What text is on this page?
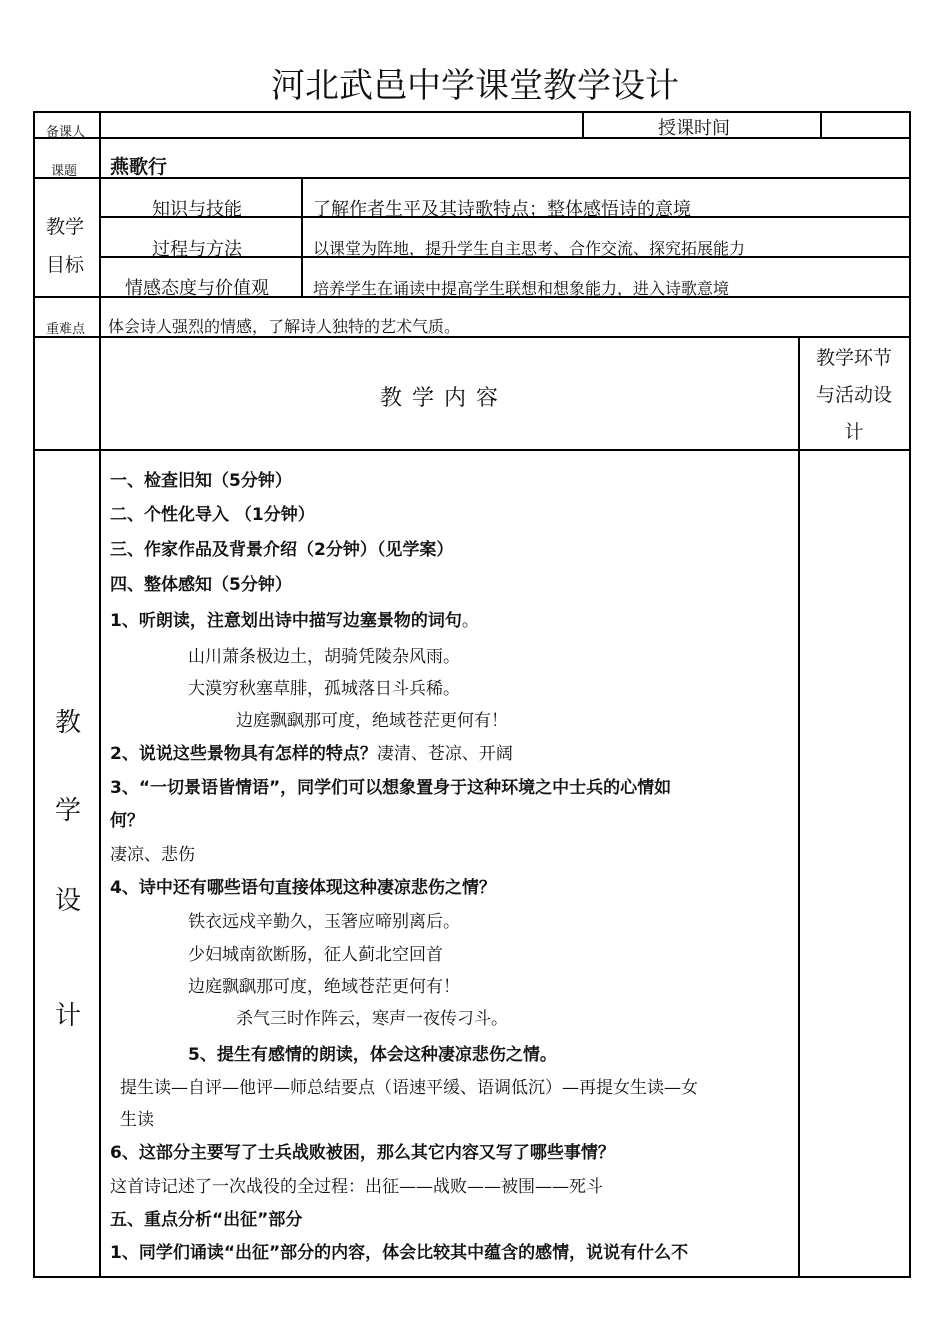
河北武邑中学课堂教学设计
备课人	授课时间
课题 燕歌行
教学
目标
知识与技能	了解作者生平及其诗歌特点；整体感悟诗的意境
过程与方法	以课堂为阵地，提升学生自主思考、合作交流、探究拓展能力
情感态度与价值观	培养学生在诵读中提高学生联想和想象能力，进入诗歌意境
重难点 体会诗人强烈的情感，了解诗人独特的艺术气质。
教学内容
教学环节
与活动设
计
教
学
设
计
一、检查旧知（5分钟）
二、个性化导入 （1分钟）
三、作家作品及背景介绍（2分钟）（见学案）
四、整体感知（5分钟）
1、听朗读，注意划出诗中描写边塞景物的词句。
山川萧条极边土，胡骑凭陵杂风雨。
大漠穷秋塞草腓，孤城落日斗兵稀。
边庭飘飖那可度，绝域苍茫更何有！
2、说说这些景物具有怎样的特点？凄清、苍凉、开阔
3、“一切景语皆情语”，同学们可以想象置身于这种环境之中士兵的心情如
何？
凄凉、悲伤
4、诗中还有哪些语句直接体现这种凄凉悲伤之情？
铁衣远戍辛勤久，玉箸应啼别离后。
少妇城南欲断肠，征人蓟北空回首
边庭飘飖那可度，绝域苍茫更何有！
杀气三时作阵云，寒声一夜传刁斗。
5、提生有感情的朗读，体会这种凄凉悲伤之情。
提生读—自评—他评—师总结要点（语速平缓、语调低沉）—再提女生读—女
生读
6、这部分主要写了士兵战败被困，那么其它内容又写了哪些事情？
这首诗记述了一次战役的全过程：出征——战败——被围——死斗
五、重点分析“出征”部分
1、同学们诵读“出征”部分的内容，体会比较其中蕴含的感情，说说有什么不
